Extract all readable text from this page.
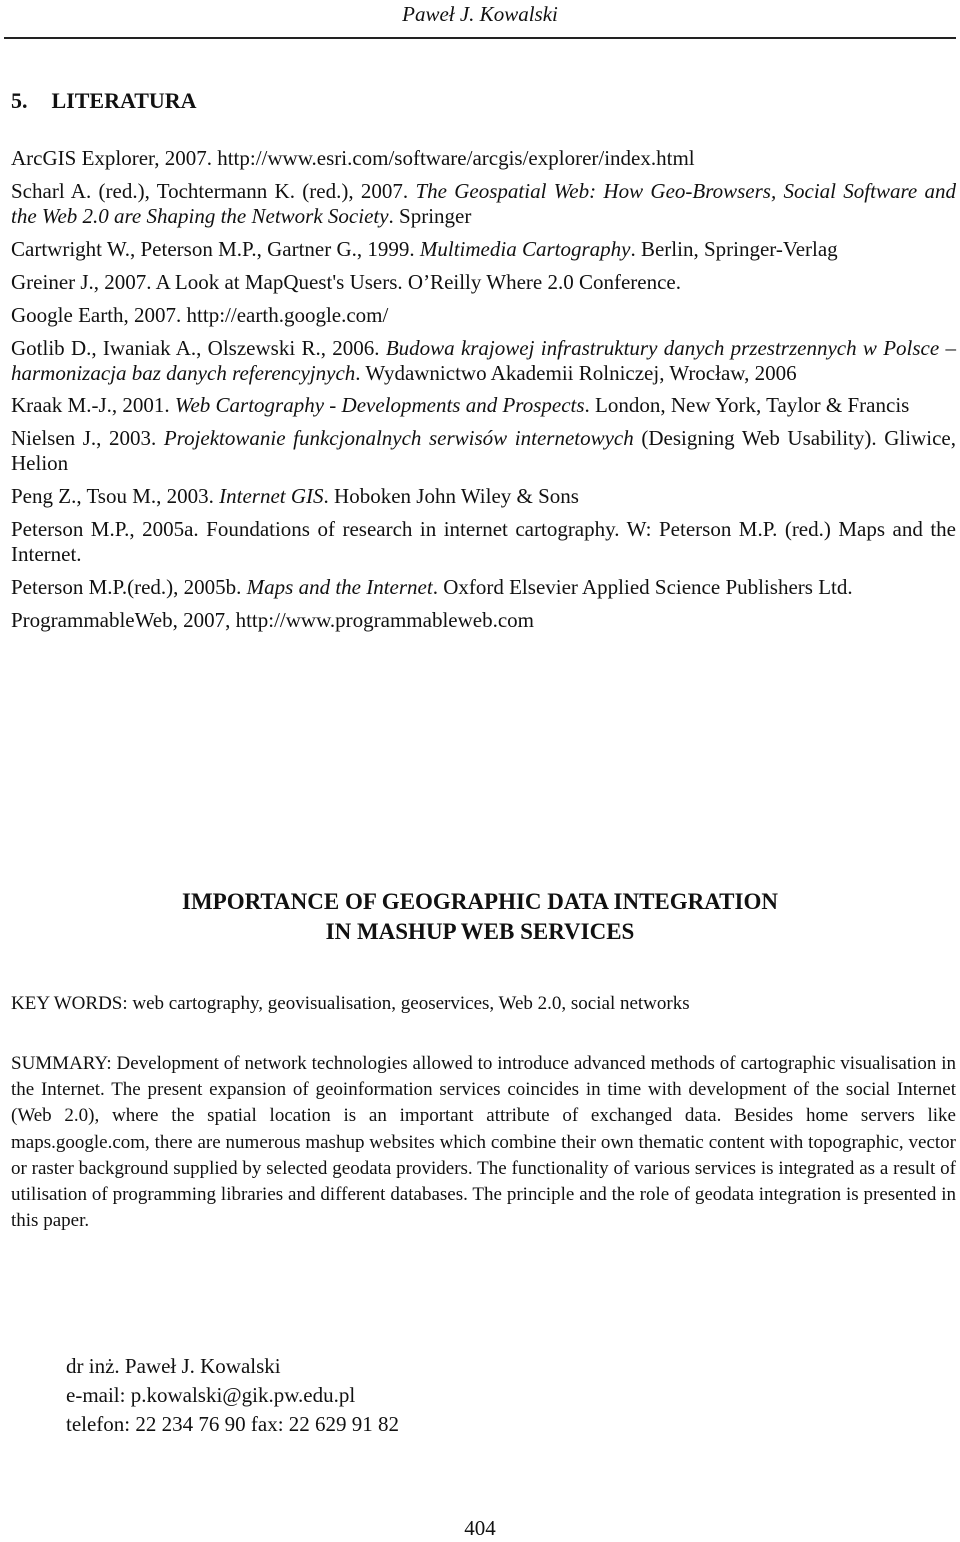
Paweł J. Kowalski
5. LITERATURA
ArcGIS Explorer, 2007. http://www.esri.com/software/arcgis/explorer/index.html
Scharl A. (red.), Tochtermann K. (red.), 2007. The Geospatial Web: How Geo-Browsers, Social Software and the Web 2.0 are Shaping the Network Society. Springer
Cartwright W., Peterson M.P., Gartner G., 1999. Multimedia Cartography. Berlin, Springer-Verlag
Greiner J., 2007. A Look at MapQuest's Users. O’Reilly Where 2.0 Conference.
Google Earth, 2007. http://earth.google.com/
Gotlib D., Iwaniak A., Olszewski R., 2006. Budowa krajowej infrastruktury danych przestrzennych w Polsce – harmonizacja baz danych referencyjnych. Wydawnictwo Akademii Rolniczej, Wrocław, 2006
Kraak M.-J., 2001. Web Cartography - Developments and Prospects. London, New York, Taylor & Francis
Nielsen J., 2003. Projektowanie funkcjonalnych serwisów internetowych (Designing Web Usability). Gliwice, Helion
Peng Z., Tsou M., 2003. Internet GIS. Hoboken John Wiley & Sons
Peterson M.P., 2005a. Foundations of research in internet cartography. W: Peterson M.P. (red.) Maps and the Internet.
Peterson M.P.(red.), 2005b. Maps and the Internet. Oxford Elsevier Applied Science Publishers Ltd.
ProgrammableWeb, 2007, http://www.programmableweb.com
IMPORTANCE OF GEOGRAPHIC DATA INTEGRATION
IN MASHUP WEB SERVICES
KEY WORDS: web cartography, geovisualisation, geoservices, Web 2.0, social networks
SUMMARY: Development of network technologies allowed to introduce advanced methods of cartographic visualisation in the Internet. The present expansion of geoinformation services coincides in time with development of the social Internet (Web 2.0), where the spatial location is an important attribute of exchanged data. Besides home servers like maps.google.com, there are numerous mashup websites which combine their own thematic content with topographic, vector or raster background supplied by selected geodata providers. The functionality of various services is integrated as a result of utilisation of programming libraries and different databases. The principle and the role of geodata integration is presented in this paper.
dr inż. Paweł J. Kowalski
e-mail: p.kowalski@gik.pw.edu.pl
telefon: 22 234 76 90 fax: 22 629 91 82
404
